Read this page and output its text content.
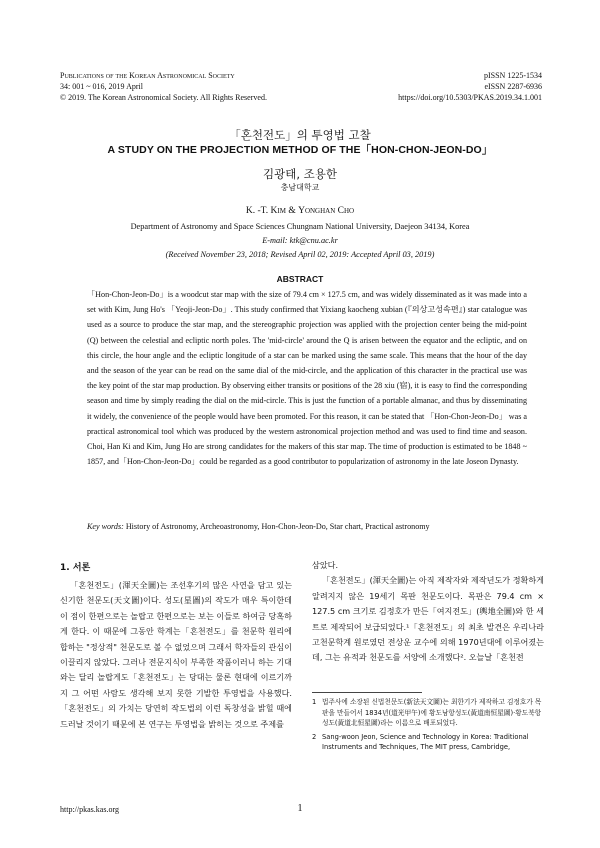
Publications of the Korean Astronomical Society	pISSN 1225-1534
34: 001 ~ 016, 2019 April	eISSN 2287-6936
© 2019. The Korean Astronomical Society. All Rights Reserved.	https://doi.org/10.5303/PKAS.2019.34.1.001
「혼천전도」의 투영법 고찰
A STUDY ON THE PROJECTION METHOD OF THE「HON-CHON-JEON-DO」
김광태, 조용한
충남대학교
K. -T. Kim & Yonghan Cho
Department of Astronomy and Space Sciences Chungnam National University, Daejeon 34134, Korea
E-mail: ktk@cnu.ac.kr
(Received November 23, 2018; Revised April 02, 2019: Accepted April 03, 2019)
ABSTRACT
「Hon-Chon-Jeon-Do」is a woodcut star map with the size of 79.4 cm × 127.5 cm, and was widely disseminated as it was made into a set with Kim, Jung Ho's 「Yeoji-Jeon-Do」. This study confirmed that Yixiang kaocheng xubian (『의상고성속편』) star catalogue was used as a source to produce the star map, and the stereographic projection was applied with the projection center being the mid-point (Q) between the celestial and ecliptic north poles. The 'mid-circle' around the Q is arisen between the equator and the ecliptic, and on this circle, the hour angle and the ecliptic longitude of a star can be marked using the same scale. This means that the hour of the day and the season of the year can be read on the same dial of the mid-circle, and the application of this character in the practical use was the key point of the star map production. By observing either transits or positions of the 28 xiu (宿), it is easy to find the corresponding season and time by simply reading the dial on the mid-circle. This is just the function of a portable almanac, and thus by disseminating it widely, the convenience of the people would have been promoted. For this reason, it can be stated that 「Hon-Chon-Jeon-Do」 was a practical astronomical tool which was produced by the western astronomical projection method and was used to find time and season. Choi, Han Ki and Kim, Jung Ho are strong candidates for the makers of this star map. The time of production is estimated to be 1848 ~ 1857, and「Hon-Chon-Jeon-Do」could be regarded as a good contributor to popularization of astronomy in the late Joseon Dynasty.
Key words: History of Astronomy, Archeoastronomy, Hon-Chon-Jeon-Do, Star chart, Practical astronomy
1. 서론

「혼천전도」(渾天全圖)는 조선후기의 많은 사연을 담고 있는 신기한 천문도(天文圖)이다. 성도(星圖)의 작도가 매우 특이한데 이 점이 한편으로는 놀랍고 한편으로는 보는 이들로 하여금 당혹하게 한다. 이 때문에 그동안 학계는「혼천전도」를 천문학 원리에 합하는 "정상적" 천문도로 볼 수 없었으며 그래서 학자들의 관심이 이끌리지 않았다. 그러나 전문지식이 부족한 작품이러니 하는 기대와는 달리 놀랍게도「혼천전도」는 당대는 물론 현대에 이르기까지 그 어떤 사람도 생각해 보지 못한 기발한 투영법을 사용했다.「혼천전도」의 가치는 당연히 작도법의 이런 독창성을 밝힐 때에 드러날 것이기 때문에 본 연구는 투영법을 밝히는 것으로 주제를

삼았다.

「혼천전도」(渾天全圖)는 아직 제작자와 제작년도가 정확하게 알려지지 않은 19세기 목판 천문도이다. 목판은 79.4 cm × 127.5 cm 크기로 김정호가 만든「여지전도」(輿地全圖)와 한 세트로 제작되어 보급되었다.¹「혼천전도」의 최초 발견은 우리나라 고천문학계 원로였던 전상운 교수에 의해 1970년대에 이루어졌는데, 그는 유적과 천문도를 서양에 소개했다². 오늘날「혼천전

1 법주사에 소장된 신법천문도(新法天文圖)는 최한기가 제작하고 김정호가 목판을 만들어서 1834년(道光甲午)에 황도남항성도(黃道南恒星圖)·황도북항성도(黃道北恒星圖)라는 이름으로 배포되었다.
2 Sang-woon Jeon, Science and Technology in Korea: Traditional Instruments and Techniques, The MIT press, Cambridge,
http://pkas.kas.org	1
